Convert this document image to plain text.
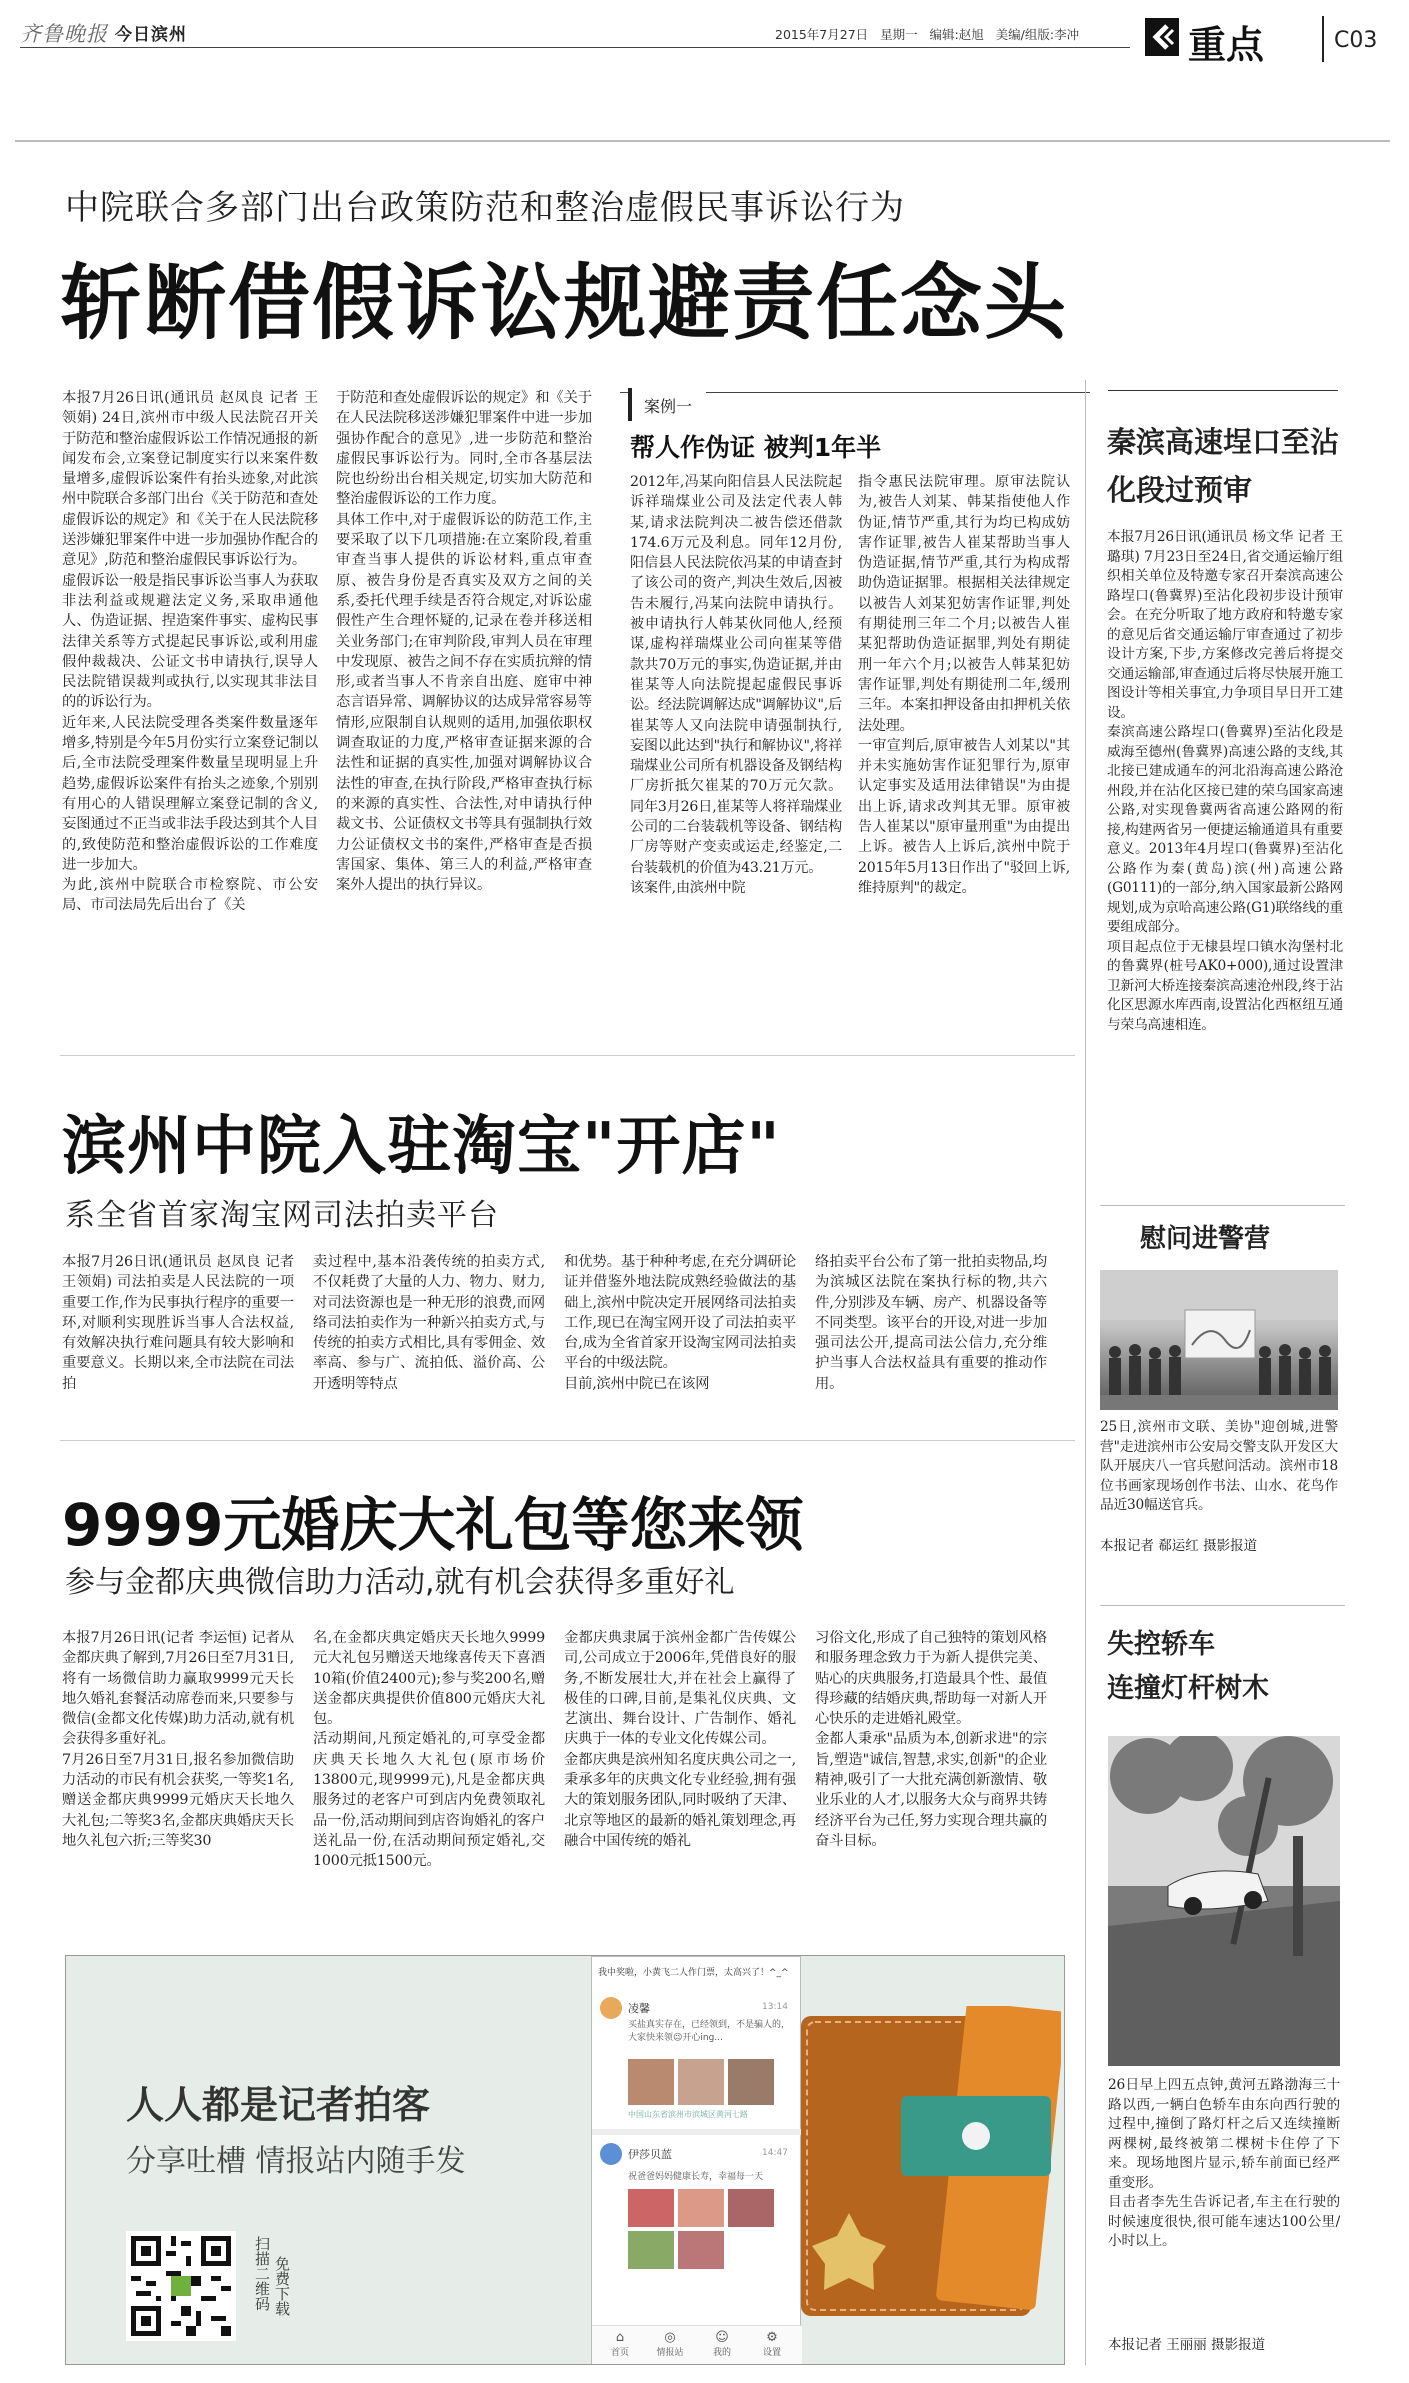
齐鲁晚报 今日滨州	2015年7月27日 星期一 编辑:赵旭 美编/组版:李冲	重点	C03
中院联合多部门出台政策防范和整治虚假民事诉讼行为
斩断借假诉讼规避责任念头
本报7月26日讯(通讯员 赵凤良 记者 王领娟) 24日,滨州市中级人民法院召开关于防范和整治虚假诉讼工作情况通报的新闻发布会,立案登记制度实行以来案件数量增多,虚假诉讼案件有抬头迹象,对此滨州中院联合多部门出台《关于防范和查处虚假诉讼的规定》和《关于在人民法院移送涉嫌犯罪案件中进一步加强协作配合的意见》,防范和整治虚假民事诉讼行为。
虚假诉讼一般是指民事诉讼当事人为获取非法利益或规避法定义务,采取串通他人、伪造证据、捏造案件事实、虚构民事法律关系等方式提起民事诉讼,或利用虚假仲裁裁决、公证文书申请执行,误导人民法院错误裁判或执行,以实现其非法目的的诉讼行为。
近年来,人民法院受理各类案件数量逐年增多,特别是今年5月份实行立案登记制以后,全市法院受理案件数量呈现明显上升趋势,虚假诉讼案件有抬头之迹象,个别别有用心的人错误理解立案登记制的含义,妄图通过不正当或非法手段达到其个人目的,致使防范和整治虚假诉讼的工作难度进一步加大。
为此,滨州中院联合市检察院、市公安局、市司法局先后出台了《关
于防范和查处虚假诉讼的规定》和《关于在人民法院移送涉嫌犯罪案件中进一步加强协作配合的意见》,进一步防范和整治虚假民事诉讼行为。同时,全市各基层法院也纷纷出台相关规定,切实加大防范和整治虚假诉讼的工作力度。
具体工作中,对于虚假诉讼的防范工作,主要采取了以下几项措施:在立案阶段,着重审查当事人提供的诉讼材料,重点审查原、被告身份是否真实及双方之间的关系,委托代理手续是否符合规定,对诉讼虚假性产生合理怀疑的,记录在卷并移送相关业务部门;在审判阶段,审判人员在审理中发现原、被告之间不存在实质抗辩的情形,或者当事人不肯亲自出庭、庭审中神态言语异常、调解协议的达成异常容易等情形,应限制自认规则的适用,加强依职权调查取证的力度,严格审查证据来源的合法性和证据的真实性,加强对调解协议合法性的审查,在执行阶段,严格审查执行标的来源的真实性、合法性,对申请执行仲裁文书、公证债权文书等具有强制执行效力公证债权文书的案件,严格审查是否损害国家、集体、第三人的利益,严格审查案外人提出的执行异议。
案例一
帮人作伪证 被判1年半
2012年,冯某向阳信县人民法院起诉祥瑞煤业公司及法定代表人韩某,请求法院判决二被告偿还借款174.6万元及利息。同年12月份,阳信县人民法院依冯某的申请查封了该公司的资产,判决生效后,因被告未履行,冯某向法院申请执行。被申请执行人韩某伙同他人,经预谋,虚构祥瑞煤业公司向崔某等借款共70万元的事实,伪造证据,并由崔某等人向法院提起虚假民事诉讼。经法院调解达成"调解协议",后崔某等人又向法院申请强制执行,妄图以此达到"执行和解协议",将祥瑞煤业公司所有机器设备及钢结构厂房折抵欠崔某的70万元欠款。同年3月26日,崔某等人将祥瑞煤业公司的二台装载机等设备、钢结构厂房等财产变卖或运走,经鉴定,二台装载机的价值为43.21万元。
该案件,由滨州中院
指令惠民法院审理。原审法院认为,被告人刘某、韩某指使他人作伪证,情节严重,其行为均已构成妨害作证罪,被告人崔某帮助当事人伪造证据,情节严重,其行为构成帮助伪造证据罪。根据相关法律规定以被告人刘某犯妨害作证罪,判处有期徒刑三年二个月;以被告人崔某犯帮助伪造证据罪,判处有期徒刑一年六个月;以被告人韩某犯妨害作证罪,判处有期徒刑二年,缓刑三年。本案扣押设备由扣押机关依法处理。
一审宣判后,原审被告人刘某以"其并未实施妨害作证犯罪行为,原审认定事实及适用法律错误"为由提出上诉,请求改判其无罪。原审被告人崔某以"原审量刑重"为由提出上诉。被告人上诉后,滨州中院于2015年5月13日作出了"驳回上诉,维持原判"的裁定。
秦滨高速埕口至沾化段过预审
本报7月26日讯(通讯员 杨文华 记者 王璐琪) 7月23日至24日,省交通运输厅组织相关单位及特邀专家召开秦滨高速公路埕口(鲁冀界)至沾化段初步设计预审会。在充分听取了地方政府和特邀专家的意见后省交通运输厅审查通过了初步设计方案,下步,方案修改完善后将提交交通运输部,审查通过后将尽快展开施工图设计等相关事宜,力争项目早日开工建设。
秦滨高速公路埕口(鲁冀界)至沾化段是威海至德州(鲁冀界)高速公路的支线,其北接已建成通车的河北沿海高速公路沧州段,并在沾化区接已建的荣乌国家高速公路,对实现鲁冀两省高速公路网的衔接,构建两省另一便捷运输通道具有重要意义。2013年4月埕口(鲁冀界)至沾化公路作为秦(黄岛)滨(州)高速公路(G0111)的一部分,纳入国家最新公路网规划,成为京哈高速公路(G1)联络线的重要组成部分。
项目起点位于无棣县埕口镇水沟堡村北的鲁冀界(桩号AK0+000),通过设置津卫新河大桥连接秦滨高速沧州段,终于沾化区思源水库西南,设置沾化西枢纽互通与荣乌高速相连。
滨州中院入驻淘宝"开店"
系全省首家淘宝网司法拍卖平台
本报7月26日讯(通讯员 赵凤良 记者 王领娟) 司法拍卖是人民法院的一项重要工作,作为民事执行程序的重要一环,对顺利实现胜诉当事人合法权益,有效解决执行难问题具有较大影响和重要意义。长期以来,全市法院在司法拍
卖过程中,基本沿袭传统的拍卖方式,不仅耗费了大量的人力、物力、财力,对司法资源也是一种无形的浪费,而网络司法拍卖作为一种新兴拍卖方式,与传统的拍卖方式相比,具有零佣金、效率高、参与广、流拍低、溢价高、公开透明等特点
和优势。基于种种考虑,在充分调研论证并借鉴外地法院成熟经验做法的基础上,滨州中院决定开展网络司法拍卖工作,现已在淘宝网开设了司法拍卖平台,成为全省首家开设淘宝网司法拍卖平台的中级法院。
目前,滨州中院已在该网
络拍卖平台公布了第一批拍卖物品,均为滨城区法院在案执行标的物,共六件,分别涉及车辆、房产、机器设备等不同类型。该平台的开设,对进一步加强司法公开,提高司法公信力,充分维护当事人合法权益具有重要的推动作用。
慰问进警营
25日,滨州市文联、美协"迎创城,进警营"走进滨州市公安局交警支队开发区大队开展庆八一官兵慰问活动。滨州市18位书画家现场创作书法、山水、花鸟作品近30幅送官兵。
本报记者 郗运红 摄影报道
9999元婚庆大礼包等您来领
参与金都庆典微信助力活动,就有机会获得多重好礼
本报7月26日讯(记者 李运恒) 记者从金都庆典了解到,7月26日至7月31日,将有一场微信助力赢取9999元天长地久婚礼套餐活动席卷而来,只要参与微信(金都文化传媒)助力活动,就有机会获得多重好礼。
7月26日至7月31日,报名参加微信助力活动的市民有机会获奖,一等奖1名,赠送金都庆典9999元婚庆天长地久大礼包;二等奖3名,金都庆典婚庆天长地久礼包六折;三等奖30
名,在金都庆典定婚庆天长地久9999元大礼包另赠送天地缘喜传天下喜酒10箱(价值2400元);参与奖200名,赠送金都庆典提供价值800元婚庆大礼包。
活动期间,凡预定婚礼的,可享受金都庆典天长地久大礼包(原市场价13800元,现9999元),凡是金都庆典服务过的老客户可到店内免费领取礼品一份,活动期间到店咨询婚礼的客户送礼品一份,在活动期间预定婚礼,交1000元抵1500元。
金都庆典隶属于滨州金都广告传媒公司,公司成立于2006年,凭借良好的服务,不断发展壮大,并在社会上赢得了极佳的口碑,目前,是集礼仪庆典、文艺演出、舞台设计、广告制作、婚礼庆典于一体的专业文化传媒公司。
金都庆典是滨州知名度庆典公司之一,秉承多年的庆典文化专业经验,拥有强大的策划服务团队,同时吸纳了天津、北京等地区的最新的婚礼策划理念,再融合中国传统的婚礼
习俗文化,形成了自己独特的策划风格和服务理念致力于为新人提供完美、贴心的庆典服务,打造最具个性、最值得珍藏的结婚庆典,帮助每一对新人开心快乐的走进婚礼殿堂。
金都人秉承"品质为本,创新求进"的宗旨,塑造"诚信,智慧,求实,创新"的企业精神,吸引了一大批充满创新激情、敬业乐业的人才,以服务大众与商界共铸经济平台为己任,努力实现合理共赢的奋斗目标。
失控轿车
连撞灯杆树木
26日早上四五点钟,黄河五路渤海三十路以西,一辆白色轿车由东向西行驶的过程中,撞倒了路灯杆之后又连续撞断两棵树,最终被第二棵树卡住停了下来。现场地图片显示,轿车前面已经严重变形。
目击者李先生告诉记者,车主在行驶的时候速度很快,很可能车速达100公里/小时以上。
本报记者 王丽丽 摄影报道
人人都是记者拍客
分享吐槽 情报站内随手发
扫描二维码 免费下载
我中奖啦，小黄飞二人作门票，太高兴了！^_^
凌馨	13:14
买盐真实存在，已经领到，不是骗人的，大家快来领😉开心ing...
中国山东省滨州市滨城区黄河七路
伊莎贝蓝	14:47
祝爸爸妈妈健康长寿，幸福每一天
⌂
首页
◎
情报站
☺
我的
⚙
设置
